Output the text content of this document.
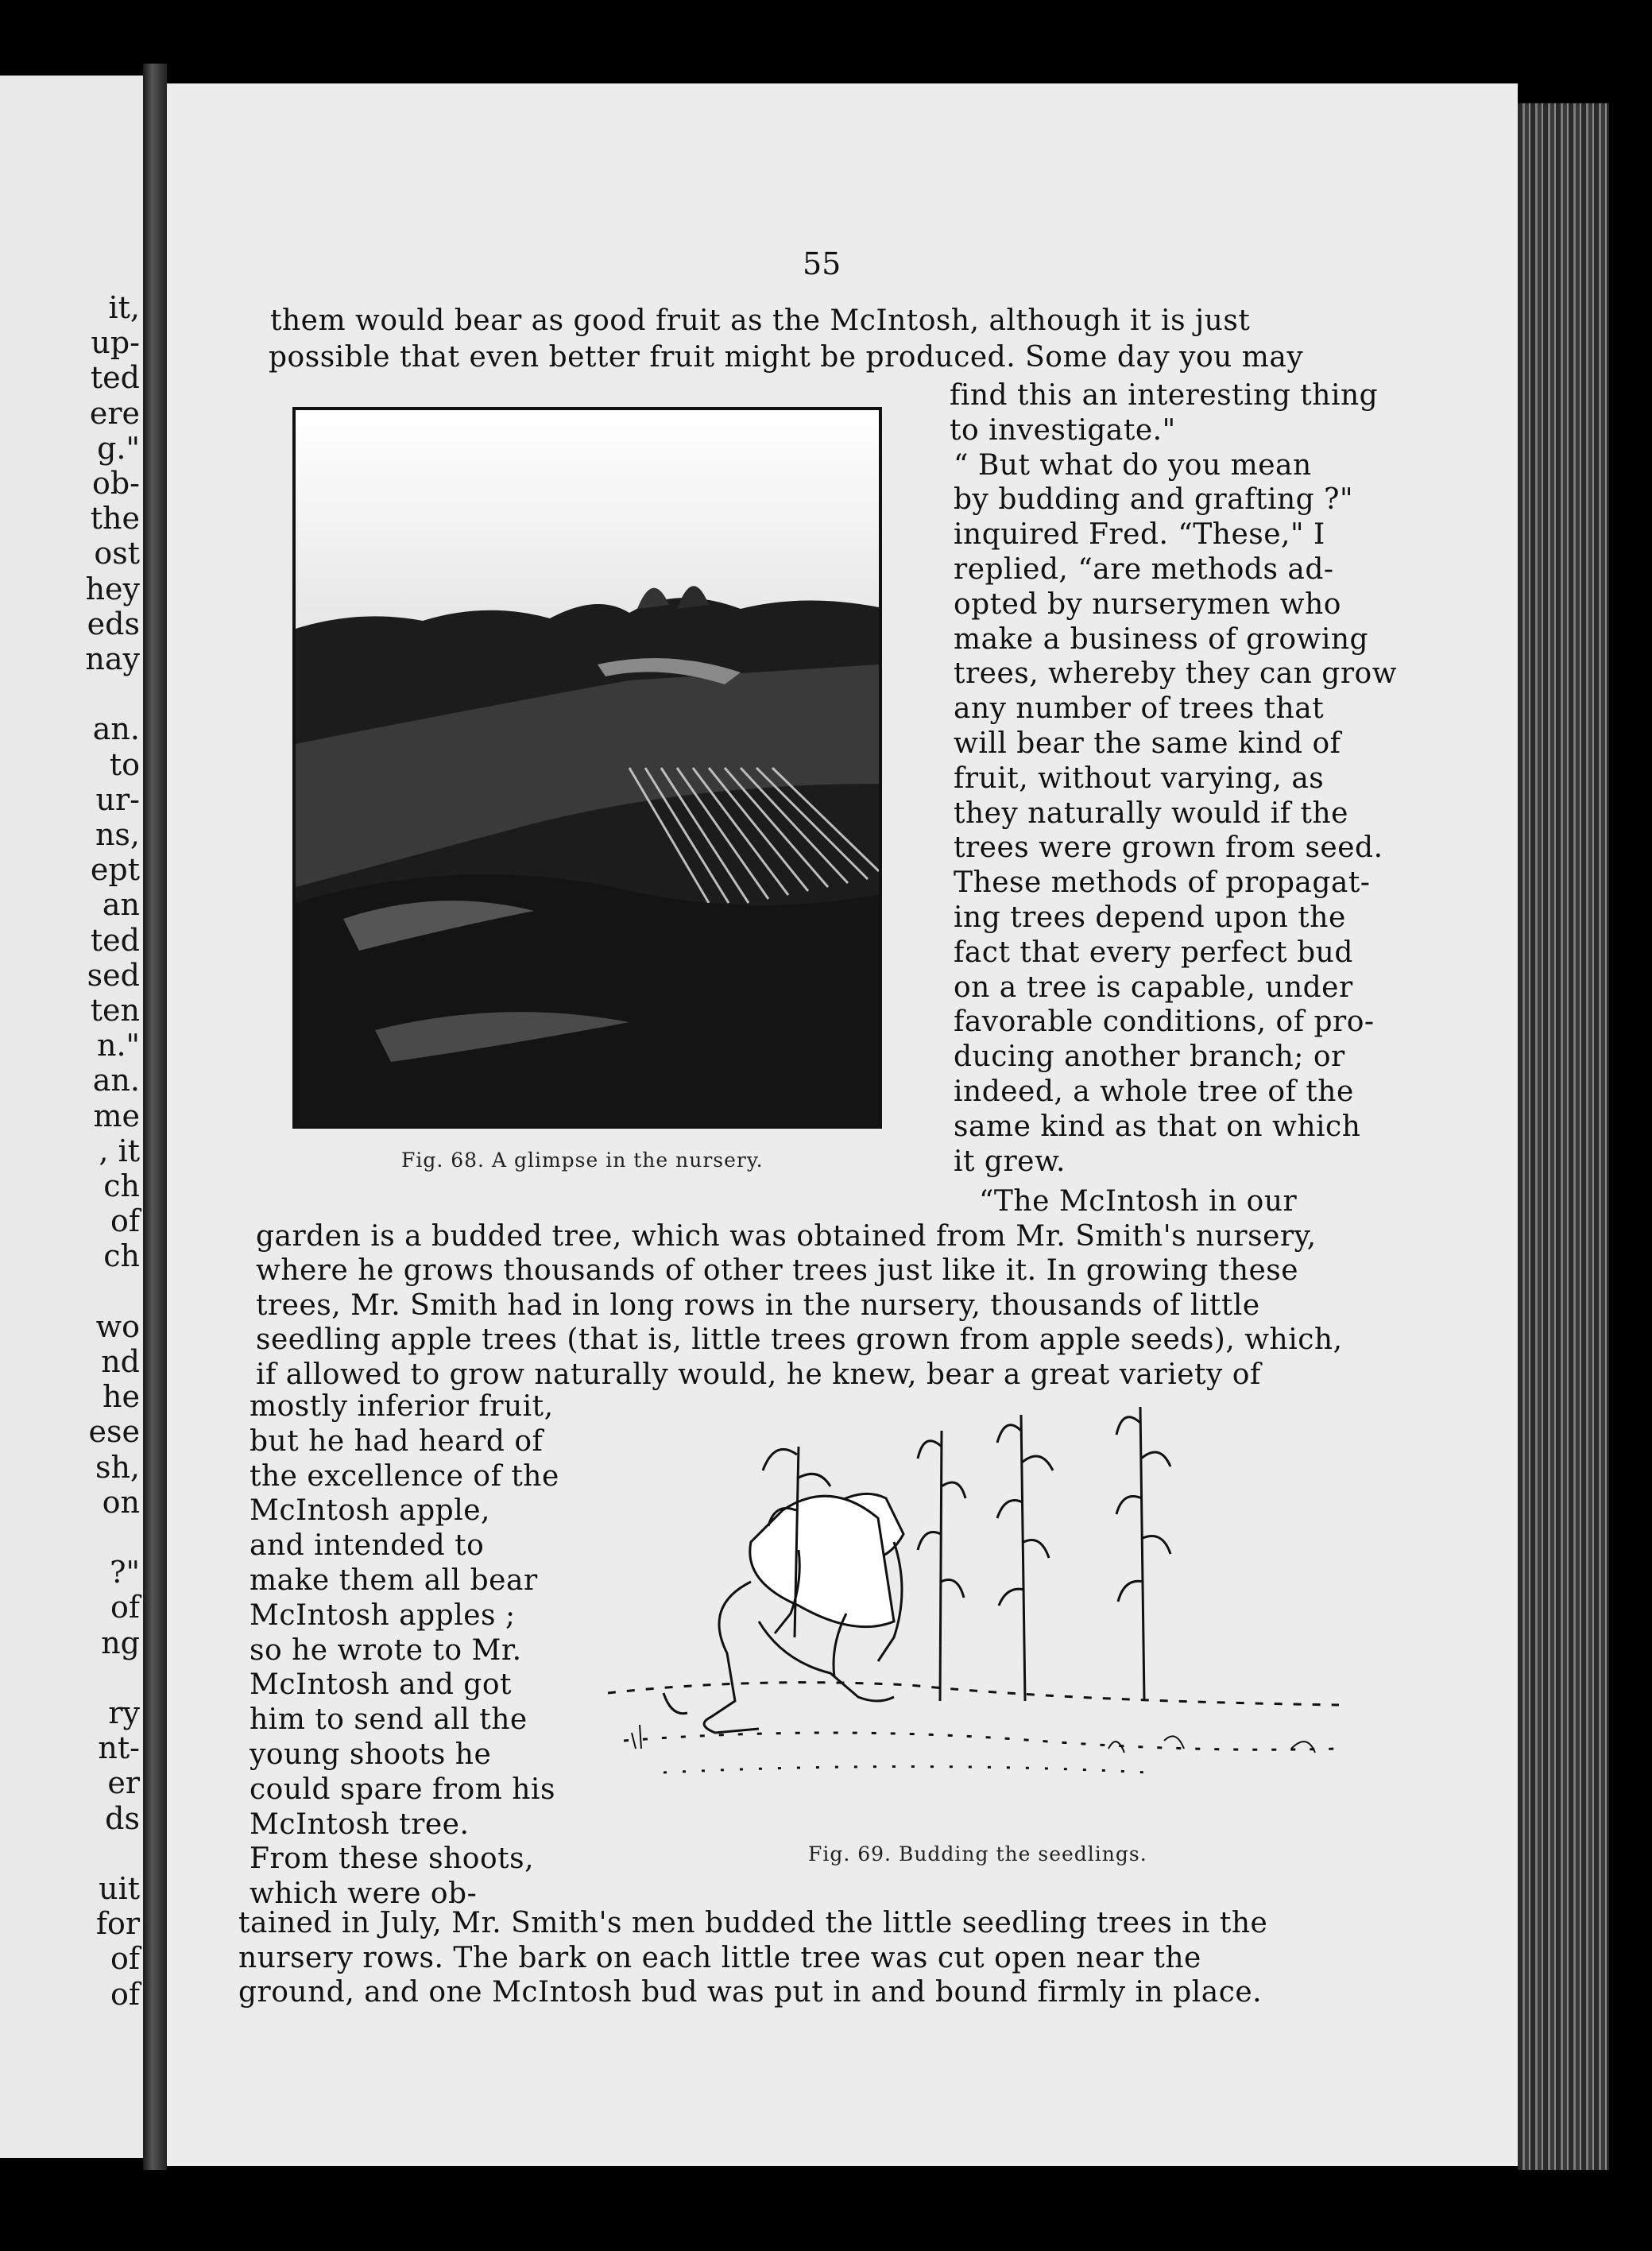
it,
up-
ted
ere
g."
ob-
the
ost
hey
eds
nay
an.
to
ur-
ns,
ept
an
ted
sed
ten
n."
an.
me
, it
ch
of
ch
wo
nd
he
ese
sh,
on
?"
of
ng
ry
nt-
er
ds
uit
for
of
of
55
them would bear as good fruit as the McIntosh, although it is just
possible that even better fruit might be produced. Some day you may
Fig. 68. A glimpse in the nursery.
find this an interesting thing
to investigate."
“ But what do you mean
by budding and grafting ?"
inquired Fred. “These," I
replied, “are methods ad-
opted by nurserymen who
make a business of growing
trees, whereby they can grow
any number of trees that
will bear the same kind of
fruit, without varying, as
they naturally would if the
trees were grown from seed.
These methods of propagat-
ing trees depend upon the
fact that every perfect bud
on a tree is capable, under
favorable conditions, of pro-
ducing another branch; or
indeed, a whole tree of the
same kind as that on which
it grew.
“The McIntosh in our
garden is a budded tree, which was obtained from Mr. Smith's nursery,
where he grows thousands of other trees just like it. In growing these
trees, Mr. Smith had in long rows in the nursery, thousands of little
seedling apple trees (that is, little trees grown from apple seeds), which,
if allowed to grow naturally would, he knew, bear a great variety of
mostly inferior fruit,
but he had heard of
the excellence of the
McIntosh apple,
and intended to
make them all bear
McIntosh apples ;
so he wrote to Mr.
McIntosh and got
him to send all the
young shoots he
could spare from his
McIntosh tree.
From these shoots,
which were ob-
Fig. 69. Budding the seedlings.
tained in July, Mr. Smith's men budded the little seedling trees in the
nursery rows. The bark on each little tree was cut open near the
ground, and one McIntosh bud was put in and bound firmly in place.
